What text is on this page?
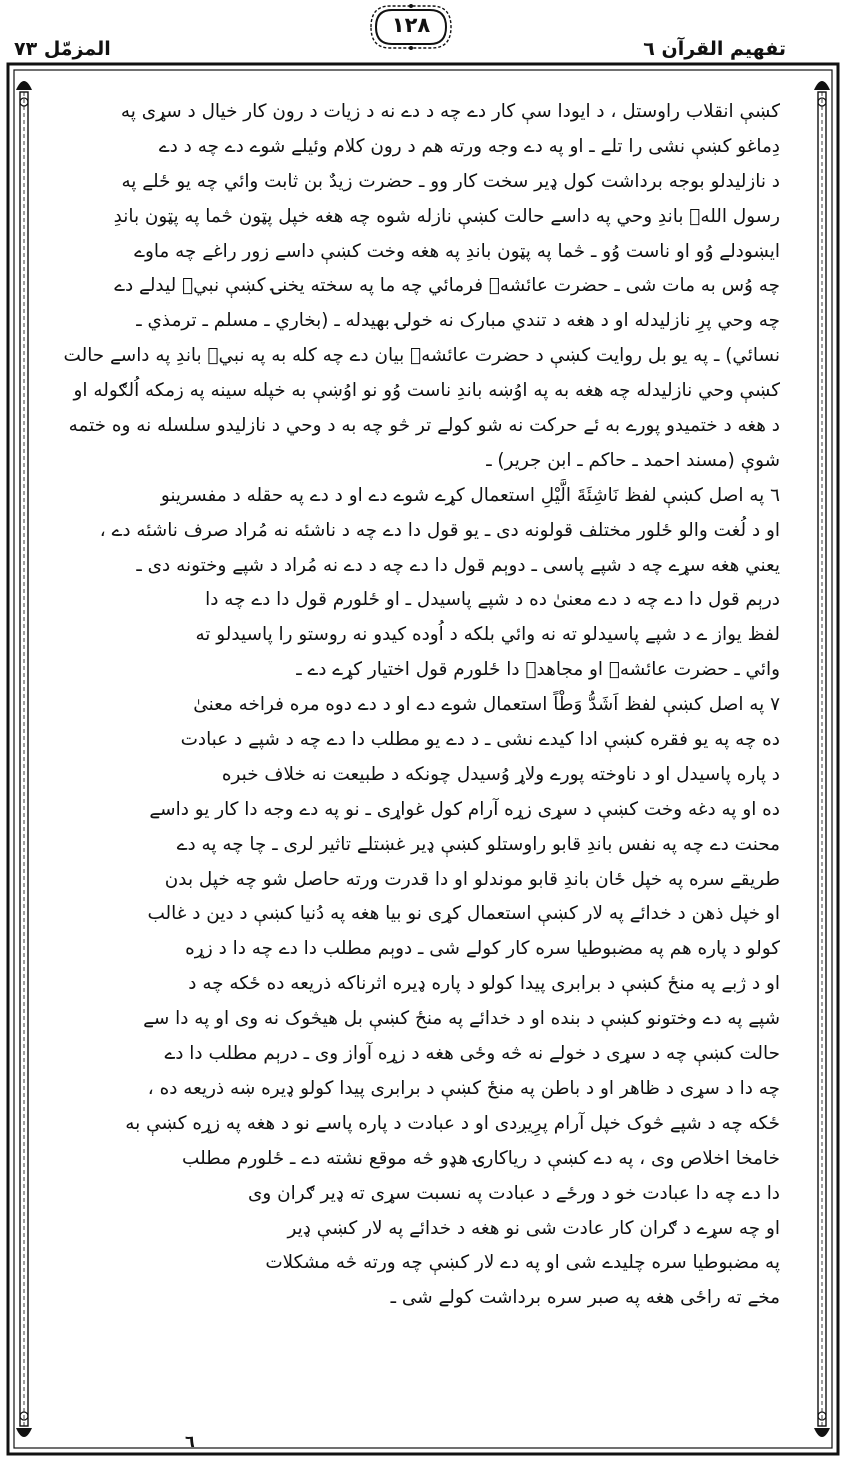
تفهيم القرآن ٦
١٢٨
المزمّل ٧٣
کښې انقلاب راوستل ، د ايودا سې کار دے چه د دے نه د زيات د رون کار خيال د سړی په
دِماغو کښې نشی را تلے ـ او په دے وجه ورته هم د رون کلام وئيلے شوے دے چه د دے
د نازليدلو بوجه برداشت کول ډير سخت کار وو ـ حضرت زيدٌ بن ثابت وائي چه يو ځلے په
رسول اللهؐ باندِ وحي په داسے حالت کښې نازله شوه چه هغه خپل پټون څما په پټون باندِ
ايښودلے وُو او ناست وُو ـ څما په پټون باندِ په هغه وخت کښې داسے زور راغے چه ماوے
چه وُس به مات شی ـ حضرت عائشهؓ فرمائي چه ما په سخته يخنۍ کښې نبيؐ ليدلے دے
چه وحي پرِ نازليدله او د هغه د تندي مبارک نه خولۍ بهيدله ـ (بخاري ـ مسلم ـ ترمذي ـ
نسائي) ـ په يو بل روايت کښې د حضرت عائشهؓ بيان دے چه کله به په نبيؐ باندِ په داسے حالت
کښې وحي نازليدله چه هغه به په اوُښه باندِ ناست وُو نو اوُښې به خپله سينه په زمکه اُلګوله او
د هغه د ختميدو پورے به ئے حرکت نه شو کولے تر څو چه به د وحي د نازليدو سلسله نه وه ختمه
شوې (مسند احمد ـ حاکم ـ ابن جرير) ـ
٦ په اصل کښې لفظ نَاشِئَةَ الَّيْلِ استعمال کړے شوے دے او د دے په حقله د مفسرينو
او د لُغت والو ځلور مختلف قولونه دی ـ يو قول دا دے چه د ناشئه نه مُراد صرف ناشئه دے ،
يعني هغه سړے چه د شپے پاسی ـ دوېم قول دا دے چه د دے نه مُراد د شپے وختونه دی ـ
درېم قول دا دے چه د دے معنیٰ ده د شپے پاسيدل ـ او ځلورم قول دا دے چه دا
لفظ يواز ے د شپے پاسيدلو ته نه وائي بلکه د اُوده کيدو نه روستو را پاسيدلو ته
وائي ـ حضرت عائشهؓ او مجاهدؒ دا ځلورم قول اختيار کړے دے ـ
٧ په اصل کښې لفظ اَشَدُّ وَطْاً استعمال شوے دے او د دے دوه مره فراخه معنیٰ
ده چه په يو فقره کښې ادا کيدے نشی ـ د دے يو مطلب دا دے چه د شپے د عبادت
د پاره پاسيدل او د ناوخته پورے ولاړ وُسيدل چونکه د طبيعت نه خلاف خبره
ده او په دغه وخت کښې د سړی زړه آرام کول غواړی ـ نو په دے وجه دا کار يو داسے
محنت دے چه په نفس باندِ قابو راوستلو کښې ډير غښتلے تاثير لری ـ چا چه په دے
طريقے سره په خپل ځان باندِ قابو موندلو او دا قدرت ورته حاصل شو چه خپل بدن
او خپل ذهن د خدائے په لار کښې استعمال کړی نو بيا هغه په دُنيا کښې د دين د غالب
کولو د پاره هم په مضبوطيا سره کار کولے شی ـ دوېم مطلب دا دے چه دا د زړه
او د ژبے په منځ کښې د برابری پيدا کولو د پاره ډيره اثرناکه ذريعه ده ځکه چه د
شپے په دے وختونو کښې د بنده او د خدائے په منځ کښې بل هيڅوک نه وی او په دا سے
حالت کښې چه د سړی د خولے نه څه وځی هغه د زړه آواز وی ـ درېم مطلب دا دے
چه دا د سړی د ظاهر او د باطن په منځ کښې د برابری پيدا کولو ډيره ښه ذريعه ده ،
ځکه چه د شپے څوک خپل آرام پرِيږدی او د عبادت د پاره پاسے نو د هغه په زړه کښې به
خامخا اخلاص وی ، په دے کښې د رياکارۍ هډو څه موقع نشته دے ـ ځلورم مطلب
دا دے چه دا عبادت خو د ورځے د عبادت په نسبت سړی ته ډير ګران وی
او چه سړے د ګران کار عادت شی نو هغه د خدائے په لار کښې ډير
په مضبوطيا سره چليدے شی او په دے لار کښې چه ورته څه مشکلات
مخے ته راځی هغه په صبر سره برداشت کولے شی ـ
٦
